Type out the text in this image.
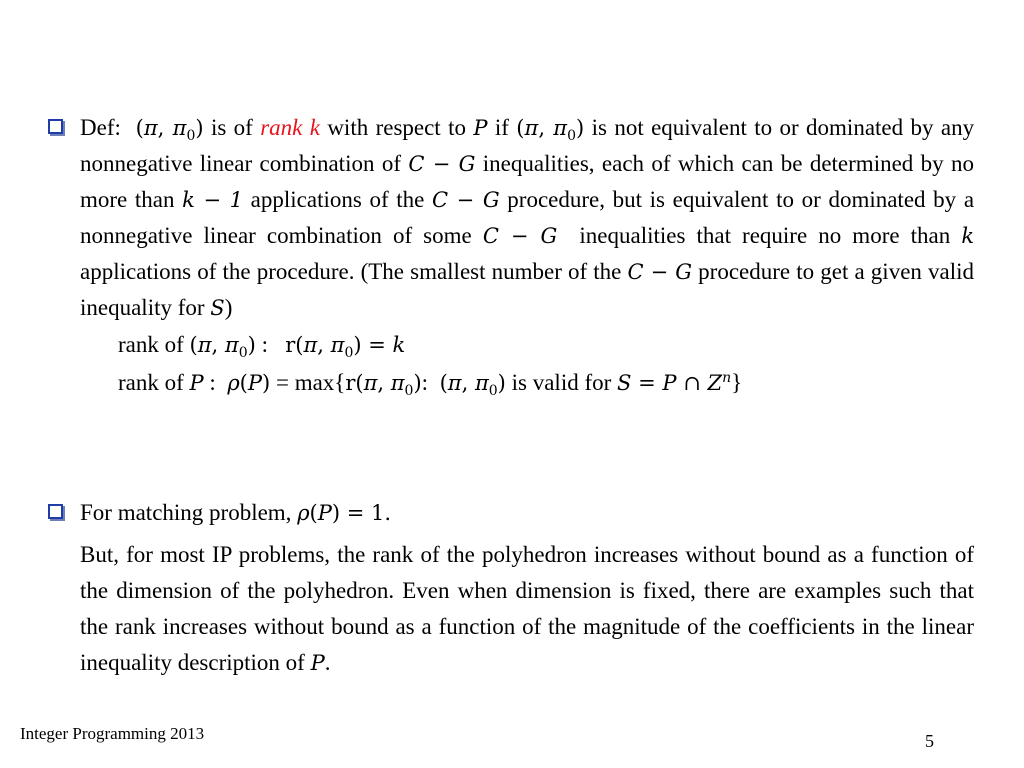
Def: (π, $\pi_0$) is of rank k with respect to P if (π, $\pi_0$) is not equivalent to or dominated by any nonnegative linear combination of C − G inequalities, each of which can be determined by no more than k − 1 applications of the C − G procedure, but is equivalent to or dominated by a nonnegative linear combination of some C − G inequalities that require no more than k applications of the procedure. (The smallest number of the C − G procedure to get a given valid inequality for S)
rank of (π, $\pi_0$) : r(π, $\pi_0) = k$
rank of P : ρ(P) = max{r(π, $\pi_0$): (π, $\pi_0$) is valid for S = P ∩ $Z^n$}
For matching problem, ρ(P) = 1.
But, for most IP problems, the rank of the polyhedron increases without bound as a function of the dimension of the polyhedron. Even when dimension is fixed, there are examples such that the rank increases without bound as a function of the magnitude of the coefficients in the linear inequality description of P.
Integer Programming 2013	5
